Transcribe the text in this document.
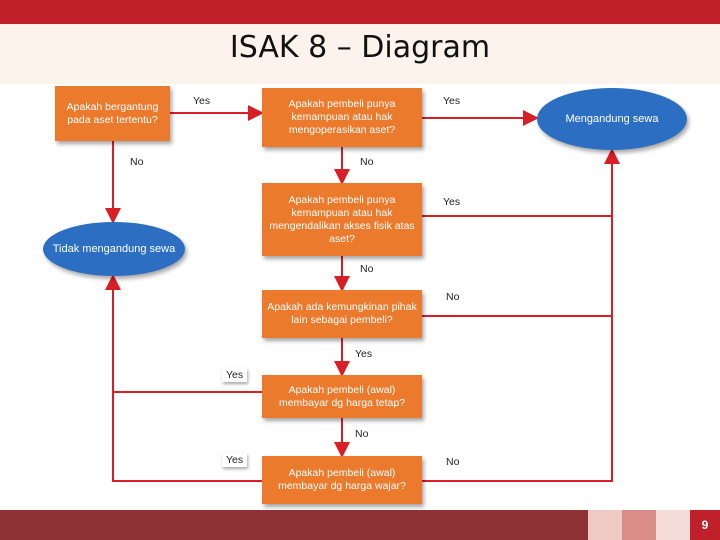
ISAK 8 – Diagram
Apakah bergantung pada aset tertentu?
Apakah pembeli punya kemampuan atau hak mengoperasikan aset?
Apakah pembeli punya kemampuan atau hak mengendalikan akses fisik atas aset?
Apakah ada kemungkinan pihak lain sebagai pembeli?
Apakah pembeli (awal) membayar dg harga tetap?
Apakah pembeli (awal) membayar dg harga wajar?
Mengandung sewa
Tidak mengandung sewa
Yes
No
Yes
No
Yes
No
No
Yes
Yes
No
Yes	No
9
